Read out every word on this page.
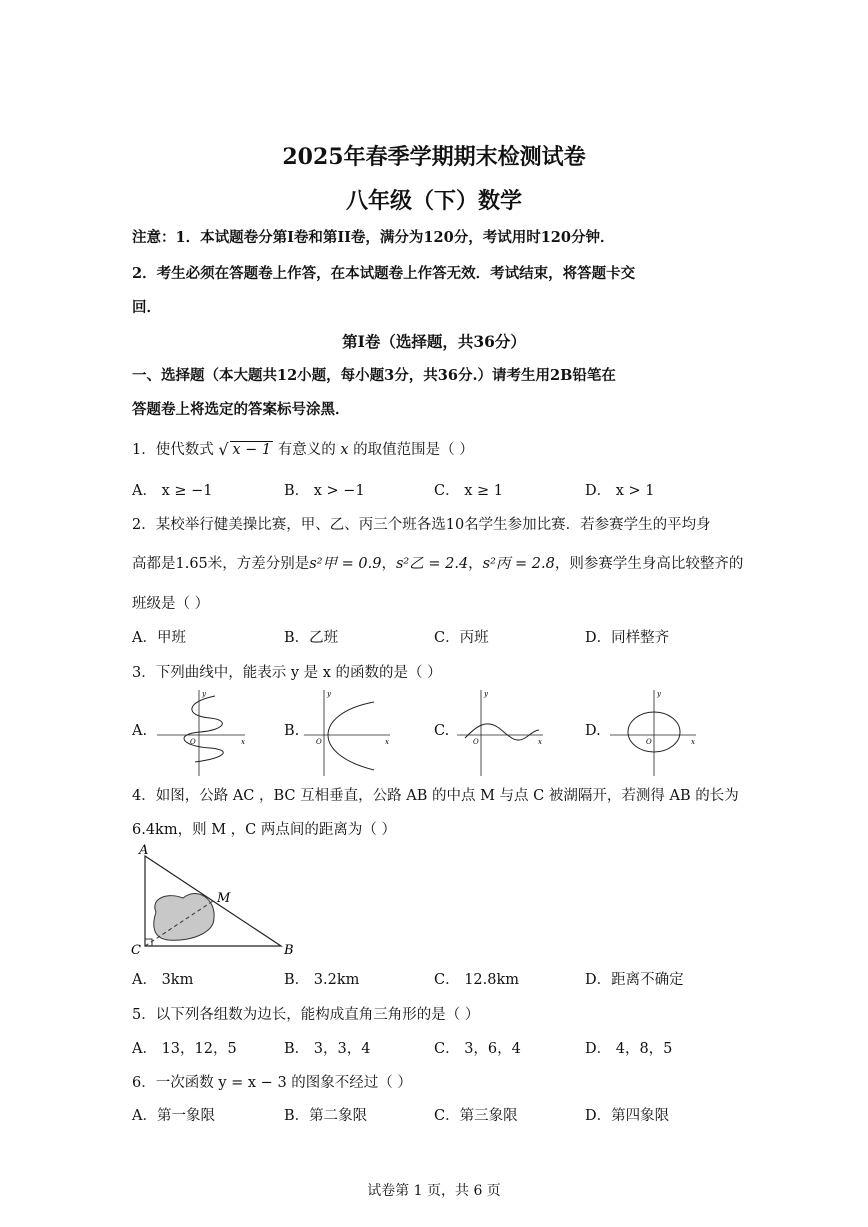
2025年春季学期期末检测试卷
八年级（下）数学
注意：1．本试题卷分第I卷和第II卷，满分为120分，考试用时120分钟．
2．考生必须在答题卷上作答，在本试题卷上作答无效．考试结束，将答题卡交
回．
第I卷（选择题，共36分）
一、选择题（本大题共12小题，每小题3分，共36分.）请考生用2B铅笔在
答题卷上将选定的答案标号涂黑．
1．使代数式 √ x − 1 有意义的 x 的取值范围是（ ）
A． x ≥ −1	B． x > −1	C． x ≥ 1	D． x > 1
2．某校举行健美操比赛，甲、乙、丙三个班各选10名学生参加比赛．若参赛学生的平均身
高都是1.65米，方差分别是s²甲 = 0.9，s²乙 = 2.4，s²丙 = 2.8，则参赛学生身高比较整齐的
班级是（ ）
A．甲班	B．乙班	C．丙班	D．同样整齐
3．下列曲线中，能表示 y 是 x 的函数的是（ ）
A.	B.	C.	D.
x
y
O	x
y
O	x
y
O	x
y
O
4．如图，公路 AC ，BC 互相垂直，公路 AB 的中点 M 与点 C 被湖隔开，若测得 AB 的长为
6.4km，则 M ，C 两点间的距离为（ ）
A
C	B
M
A． 3km	B． 3.2km	C． 12.8km	D．距离不确定
5．以下列各组数为边长，能构成直角三角形的是（ ）
A． 13，12，5	B． 3，3，4	C． 3，6，4	D． 4，8，5
6．一次函数 y = x − 3 的图象不经过（ ）
A．第一象限	B．第二象限	C．第三象限	D．第四象限
试卷第 1 页，共 6 页
